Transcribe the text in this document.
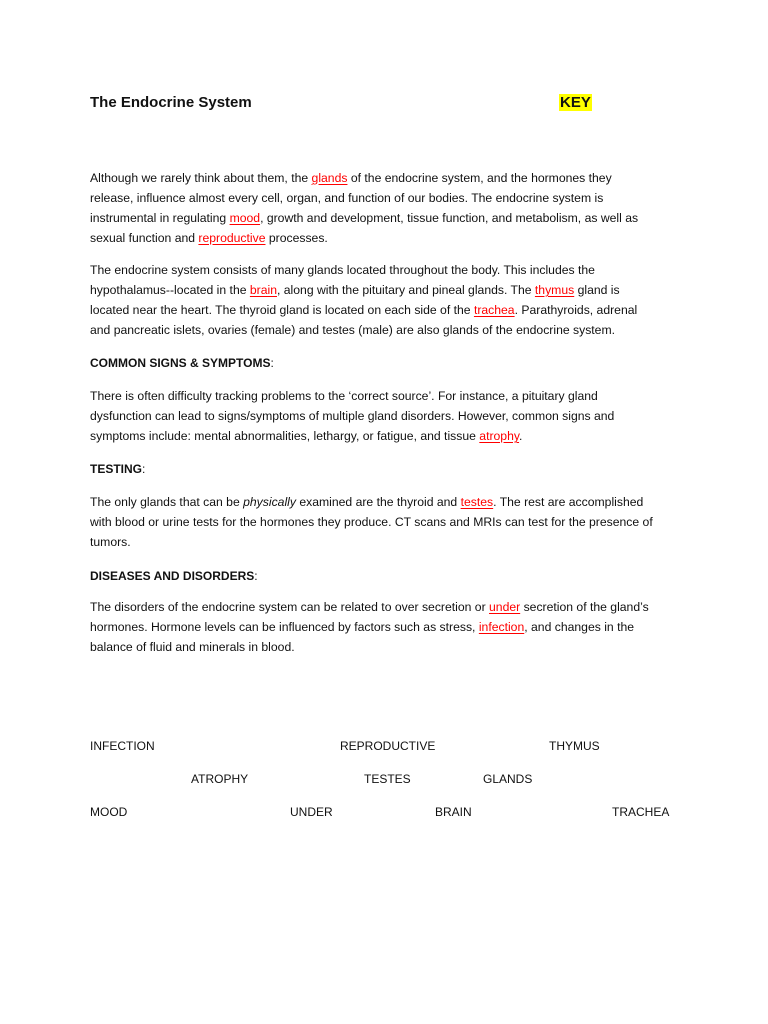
The Endocrine System	KEY
Although we rarely think about them, the glands of the endocrine system, and the hormones they
release, influence almost every cell, organ, and function of our bodies. The endocrine system is
instrumental in regulating mood, growth and development, tissue function, and metabolism, as well as
sexual function and reproductive processes.
The endocrine system consists of many glands located throughout the body. This includes the
hypothalamus--located in the brain, along with the pituitary and pineal glands. The thymus gland is
located near the heart. The thyroid gland is located on each side of the trachea. Parathyroids, adrenal
and pancreatic islets, ovaries (female) and testes (male) are also glands of the endocrine system.
COMMON SIGNS & SYMPTOMS:
There is often difficulty tracking problems to the ‘correct source’. For instance, a pituitary gland
dysfunction can lead to signs/symptoms of multiple gland disorders. However, common signs and
symptoms include: mental abnormalities, lethargy, or fatigue, and tissue atrophy.
TESTING:
The only glands that can be physically examined are the thyroid and testes. The rest are accomplished
with blood or urine tests for the hormones they produce. CT scans and MRIs can test for the presence of
tumors.
DISEASES AND DISORDERS:
The disorders of the endocrine system can be related to over secretion or under secretion of the gland’s
hormones. Hormone levels can be influenced by factors such as stress, infection, and changes in the
balance of fluid and minerals in blood.
INFECTION	REPRODUCTIVE	THYMUS
ATROPHY	TESTES	GLANDS
MOOD	UNDER	BRAIN	TRACHEA
